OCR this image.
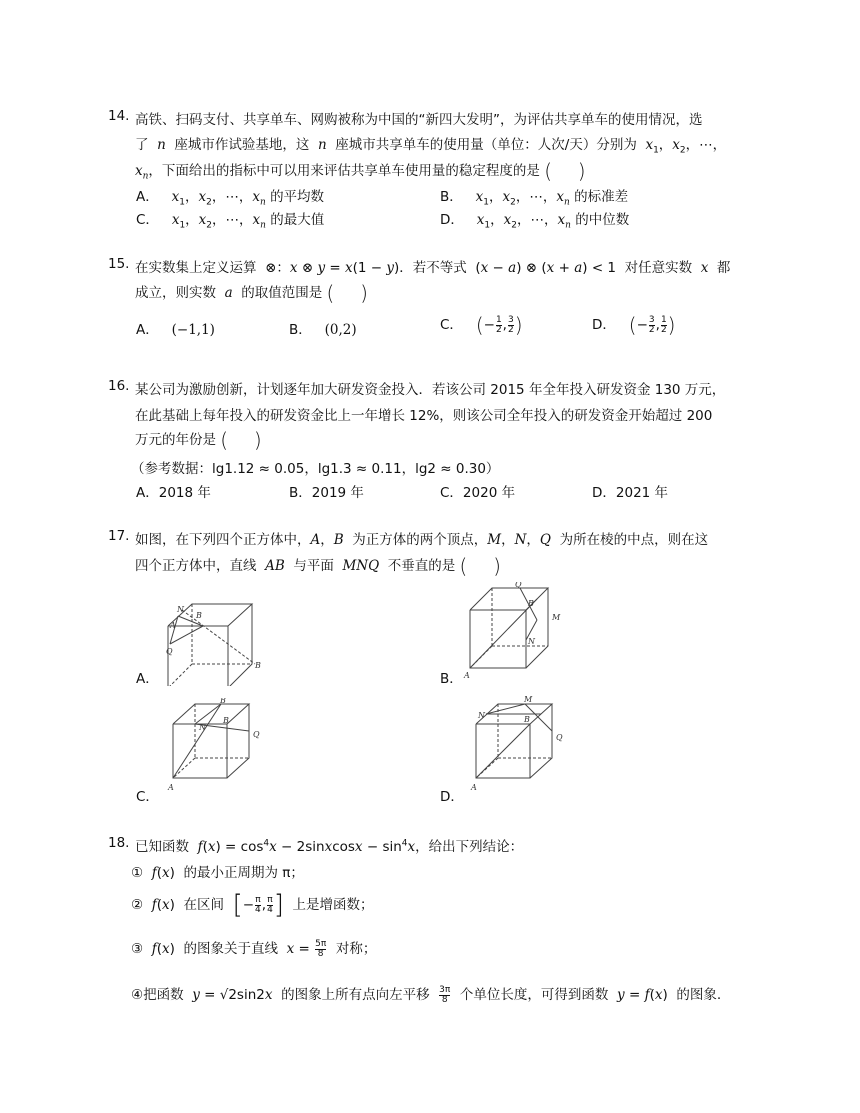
14. 高铁、扫码支付、共享单车、网购被称为中国的“新四大发明”，为评估共享单车的使用情况，选
了 n 座城市作试验基地，这 n 座城市共享单车的使用量（单位：人次/天）分别为 $x_1$，$x_2$，⋯，
$x_n$，下面给出的指标中可以用来评估共享单车使用量的稳定程度的是 ( )
A． $x_1$，$x_2$，⋯，$x_n$ 的平均数	B． $x_1$，$x_2$，⋯，$x_n$ 的标准差
C． $x_1$，$x_2$，⋯，$x_n$ 的最大值	D． $x_1$，$x_2$，⋯，$x_n$ 的中位数
15. 在实数集上定义运算 ⊗：x ⊗ y = x(1 − y)．若不等式  (x − a) ⊗ (x + a) < 1  对任意实数 x 都
成立，则实数 a 的取值范围是 ( )
A． (−1,1)	B． (0,2)	C． (− $\frac{1}{2}$ , $\frac{3}{2}$ )	D． (− $\frac{3}{2}$ , $\frac{1}{2}$ )
16. 某公司为激励创新，计划逐年加大研发资金投入．若该公司 2015 年全年投入研发资金 130 万元，
在此基础上每年投入的研发资金比上一年增长 12%，则该公司全年投入的研发资金开始超过 200
万元的年份是 ( )
（参考数据：lg1.12 ≈ 0.05，lg1.3 ≈ 0.11，lg2 ≈ 0.30）
A．2018 年	B．2019 年	C．2020 年	D．2021 年
17. 如图，在下列四个正方体中，A，B 为正方体的两个顶点，M，N，Q 为所在棱的中点，则在这
四个正方体中，直线 AB 与平面 MNQ 不垂直的是 ( )
N
A
B
Q
B
A．
Q
B
M
N
A
B．
B
B
N
Q
A
C．
M
N	B
Q
A
D．
18. 已知函数 $f(x) = \cos^4x$ − 2sinxcosx − $\sin^4x$，给出下列结论：
① f(x)  的最小正周期为 π；
② f(x)  在区间 [− $\frac{\pi}{4}$ , $\frac{\pi}{4}$ ] 上是增函数；
③ f(x)  的图象关于直线 $x = \frac{5\pi}{8}$ 对称；
④把函数 y = √2sin2x 的图象上所有点向左平移 $\frac{3\pi}{8}$ 个单位长度，可得到函数 y = f(x)  的图象.
